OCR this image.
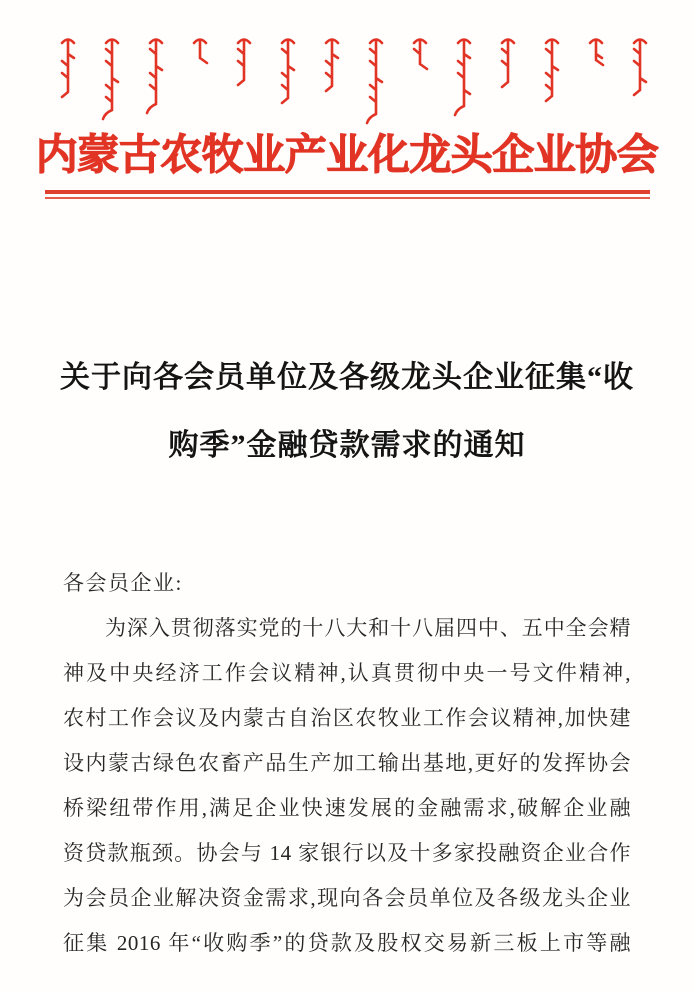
内蒙古农牧业产业化龙头企业协会
关于向各会员单位及各级龙头企业征集“收
购季”金融贷款需求的通知
各会员企业:
为深入贯彻落实党的十八大和十八届四中、五中全会精
神及中央经济工作会议精神,认真贯彻中央一号文件精神,
农村工作会议及内蒙古自治区农牧业工作会议精神,加快建
设内蒙古绿色农畜产品生产加工输出基地,更好的发挥协会
桥梁纽带作用,满足企业快速发展的金融需求,破解企业融
资贷款瓶颈。协会与 14 家银行以及十多家投融资企业合作
为会员企业解决资金需求,现向各会员单位及各级龙头企业
征集 2016 年“收购季”的贷款及股权交易新三板上市等融
